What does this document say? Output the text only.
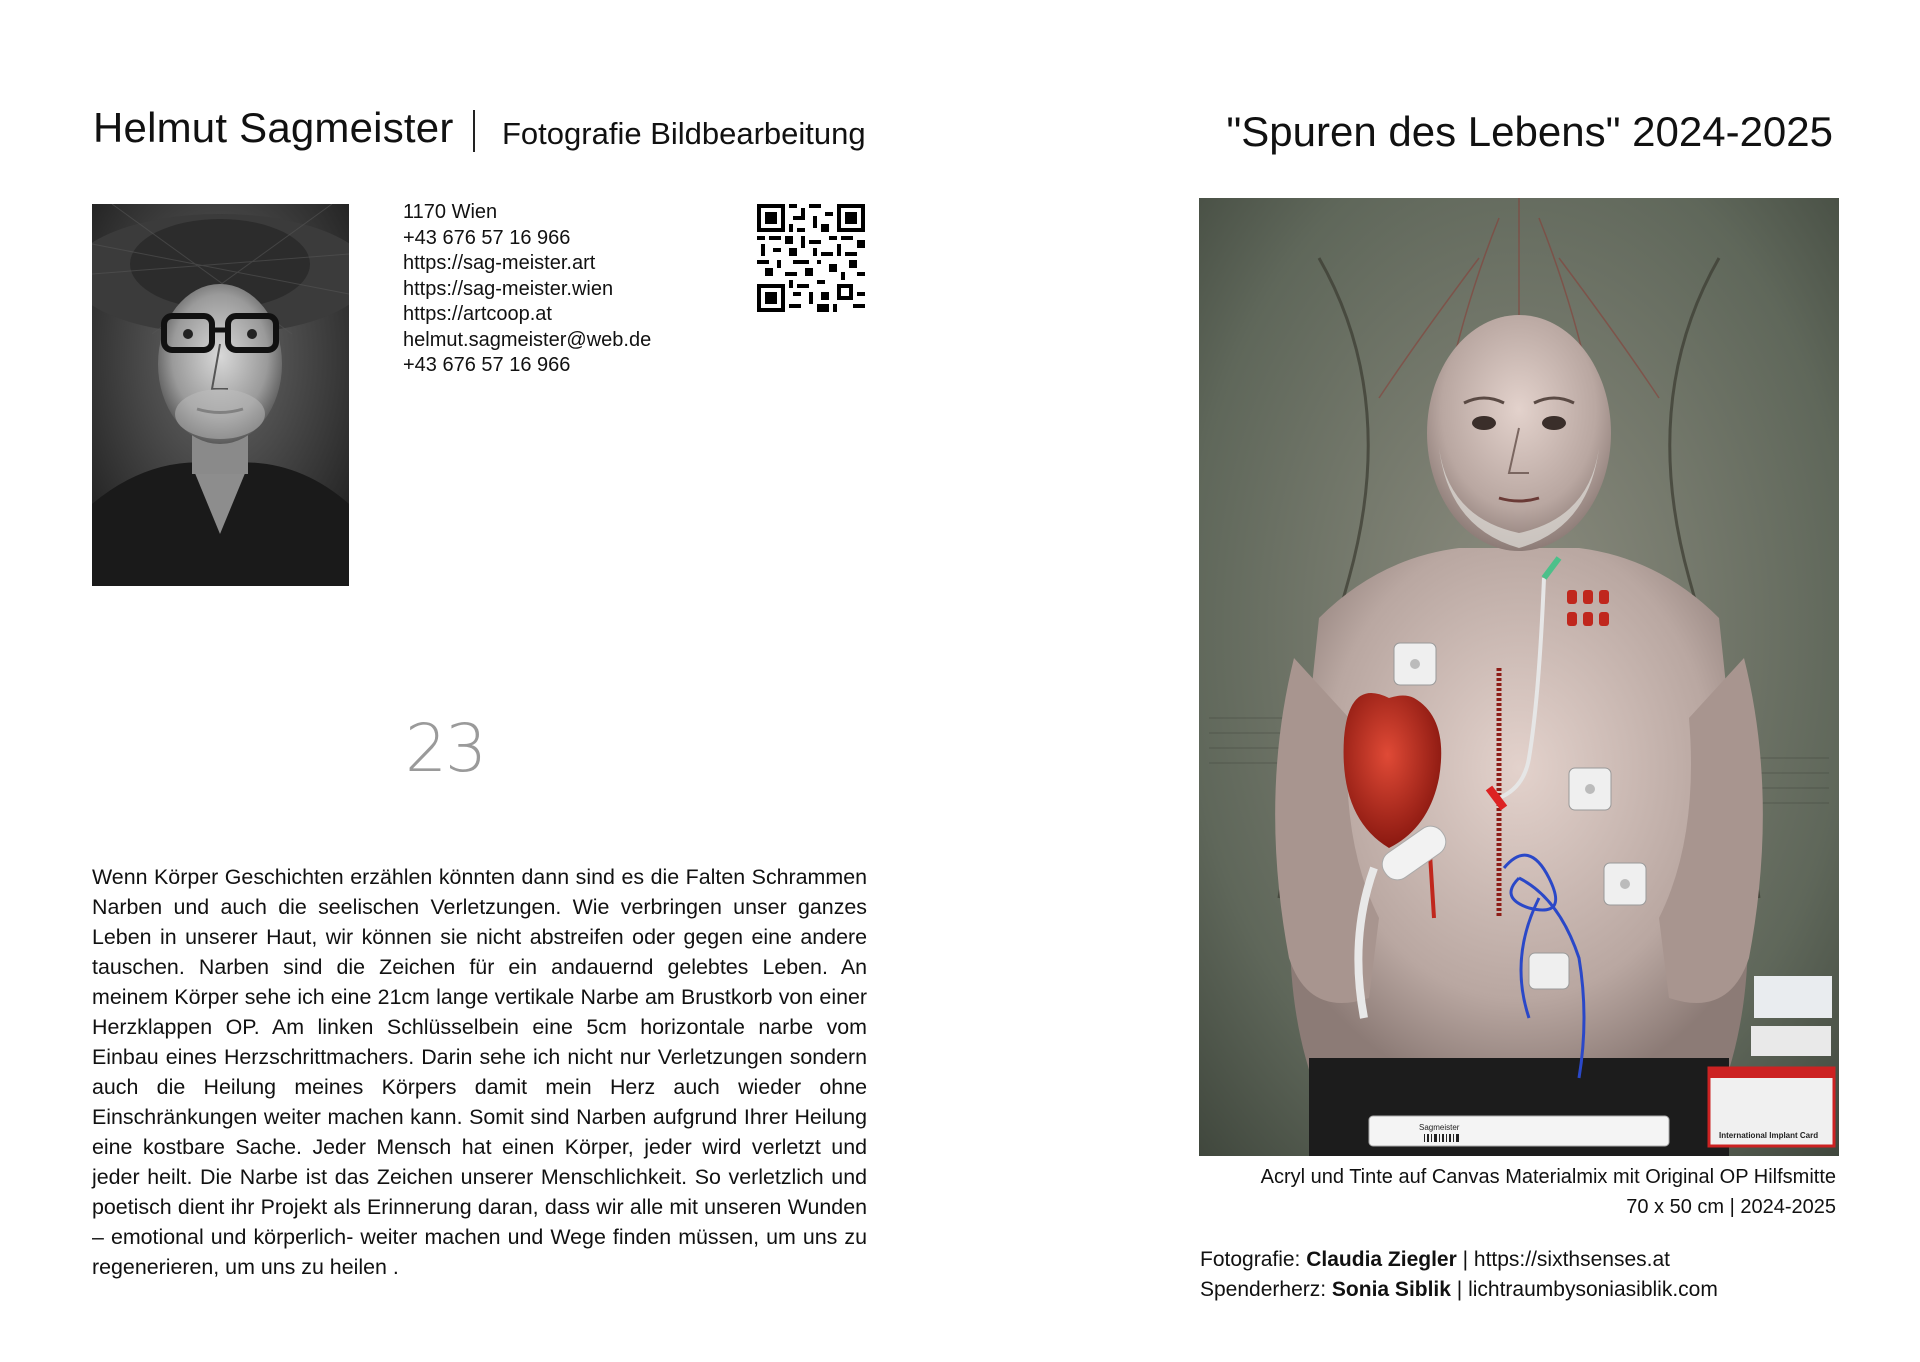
Helmut Sagmeister Fotografie Bildbearbeitung
1170 Wien
+43 676 57 16 966
https://sag-meister.art
https://sag-meister.wien
https://artcoop.at
helmut.sagmeister@web.de
+43 676 57 16 966
23
Wenn Körper Geschichten erzählen könnten dann sind es die Falten Schrammen Narben und auch die seelischen Verletzungen. Wie verbringen unser ganzes Leben in unserer Haut, wir können sie nicht abstreifen oder gegen eine andere tauschen. Narben sind die Zeichen für ein andauernd gelebtes Leben. An meinem Körper sehe ich eine 21cm lange vertikale Narbe am Brustkorb von einer Herzklappen OP. Am linken Schlüsselbein eine 5cm horizontale narbe vom Einbau eines Herzschrittmachers. Darin sehe ich nicht nur Verletzungen sondern auch die Heilung meines Körpers damit mein Herz auch wieder ohne Einschränkungen weiter machen kann. Somit sind Narben aufgrund Ihrer Heilung eine kostbare Sache. Jeder Mensch hat einen Körper, jeder wird verletzt und jeder heilt. Die Narbe ist das Zeichen unserer Menschlichkeit. So verletzlich und poetisch dient ihr Projekt als Erinnerung daran, dass wir alle mit unseren Wunden – emotional und körperlich- weiter machen und Wege finden müssen, um uns zu regenerieren, um uns zu heilen .
"Spuren des Lebens" 2024-2025
International Implant Card
Sagmeister
Acryl und Tinte auf Canvas Materialmix mit Original OP Hilfsmitte
70 x 50 cm | 2024-2025
Fotografie: Claudia Ziegler | https://sixthsenses.at
Spenderherz: Sonia Siblik | lichtraumbysoniasiblik.com
